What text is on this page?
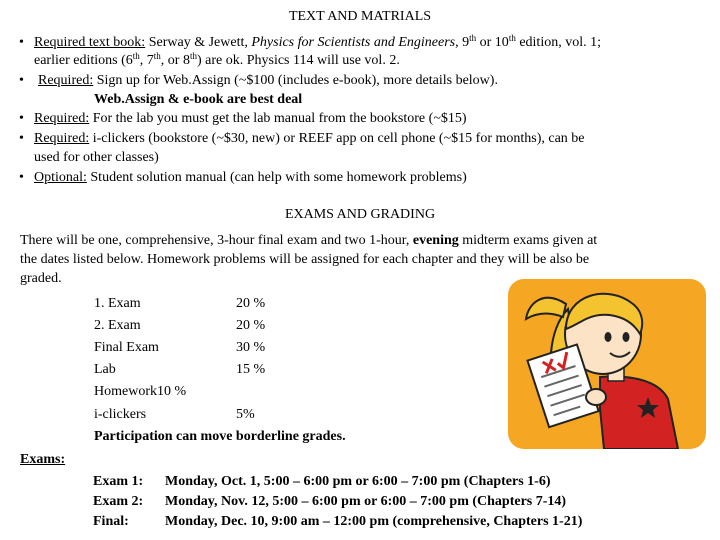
TEXT AND MATRIALS
• Required text book: Serway & Jewett, Physics for Scientists and Engineers, 9th or 10th edition, vol. 1;
earlier editions (6th, 7th, or 8th) are ok. Physics 114 will use vol. 2.
• Required: Sign up for Web.Assign (~$100 (includes e-book), more details below).
Web.Assign & e-book are best deal
• Required: For the lab you must get the lab manual from the bookstore (~$15)
• Required: i-clickers (bookstore (~$30, new) or REEF app on cell phone (~$15 for months), can be
used for other classes)
• Optional: Student solution manual (can help with some homework problems)
EXAMS AND GRADING
There will be one, comprehensive, 3-hour final exam and two 1-hour, evening midterm exams given at
the dates listed below. Homework problems will be assigned for each chapter and they will be also be
graded.
1. Exam	20 %
2. Exam	20 %
Final Exam	30 %
Lab	15 %
Homework10 %
i-clickers	5%
Participation can move borderline grades.
Exams:
Exam 1: Monday, Oct. 1, 5:00 – 6:00 pm or 6:00 – 7:00 pm (Chapters 1-6)
Exam 2: Monday, Nov. 12, 5:00 – 6:00 pm or 6:00 – 7:00 pm (Chapters 7-14)
Final:	Monday, Dec. 10, 9:00 am – 12:00 pm (comprehensive, Chapters 1-21)
